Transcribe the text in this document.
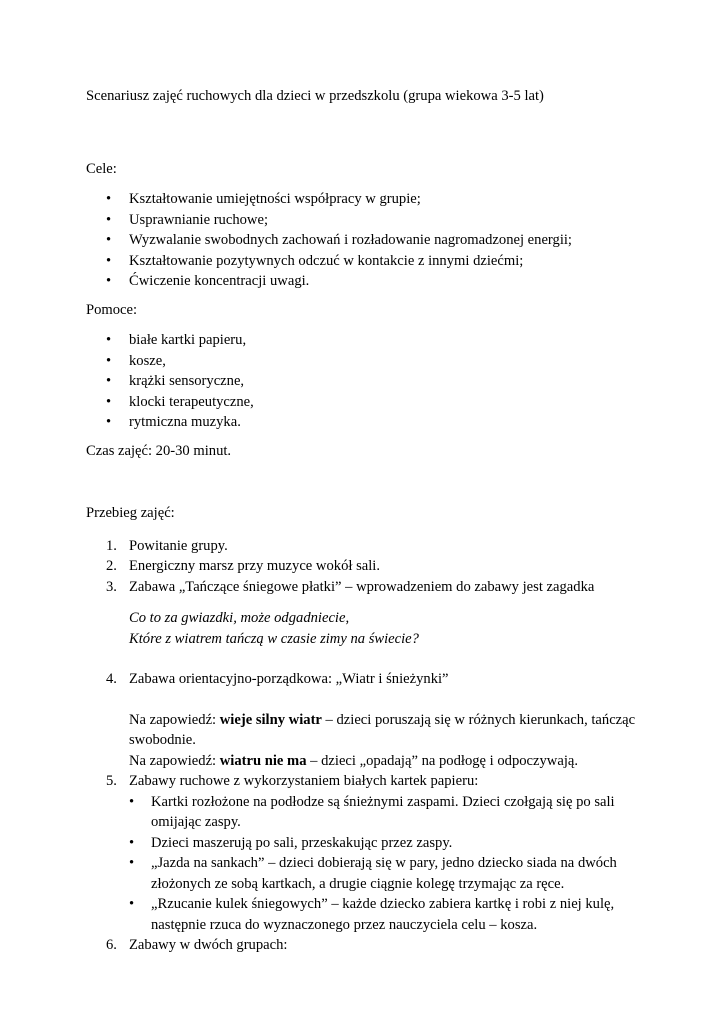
Scenariusz zajęć ruchowych dla dzieci w przedszkolu (grupa wiekowa 3-5 lat)

Cele:

• Kształtowanie umiejętności współpracy w grupie;
• Usprawnianie ruchowe;
• Wyzwalanie swobodnych zachowań i rozładowanie nagromadzonej energii;
• Kształtowanie pozytywnych odczuć w kontakcie z innymi dziećmi;
• Ćwiczenie koncentracji uwagi.

Pomoce:

• białe kartki papieru,
• kosze,
• krążki sensoryczne,
• klocki terapeutyczne,
• rytmiczna muzyka.

Czas zajęć: 20-30 minut.

Przebieg zajęć:

1. Powitanie grupy.
2. Energiczny marsz przy muzyce wokół sali.
3. Zabawa „Tańczące śniegowe płatki” – wprowadzeniem do zabawy jest zagadka
Co to za gwiazdki, może odgadniecie,
Które z wiatrem tańczą w czasie zimy na świecie?
4. Zabawa orientacyjno-porządkowa: „Wiatr i śnieżynki”
Na zapowiedź: wieje silny wiatr – dzieci poruszają się w różnych kierunkach, tańcząc swobodnie.
Na zapowiedź: wiatru nie ma – dzieci „opadają” na podłogę i odpoczywają.
5. Zabawy ruchowe z wykorzystaniem białych kartek papieru:
• Kartki rozłożone na podłodze są śnieżnymi zaspami. Dzieci czołgają się po sali omijając zaspy.
• Dzieci maszerują po sali, przeskakując przez zaspy.
• „Jazda na sankach” – dzieci dobierają się w pary, jedno dziecko siada na dwóch złożonych ze sobą kartkach, a drugie ciągnie kolegę trzymając za ręce.
• „Rzucanie kulek śniegowych” – każde dziecko zabiera kartkę i robi z niej kulę, następnie rzuca do wyznaczonego przez nauczyciela celu – kosza.
6. Zabawy w dwóch grupach:
